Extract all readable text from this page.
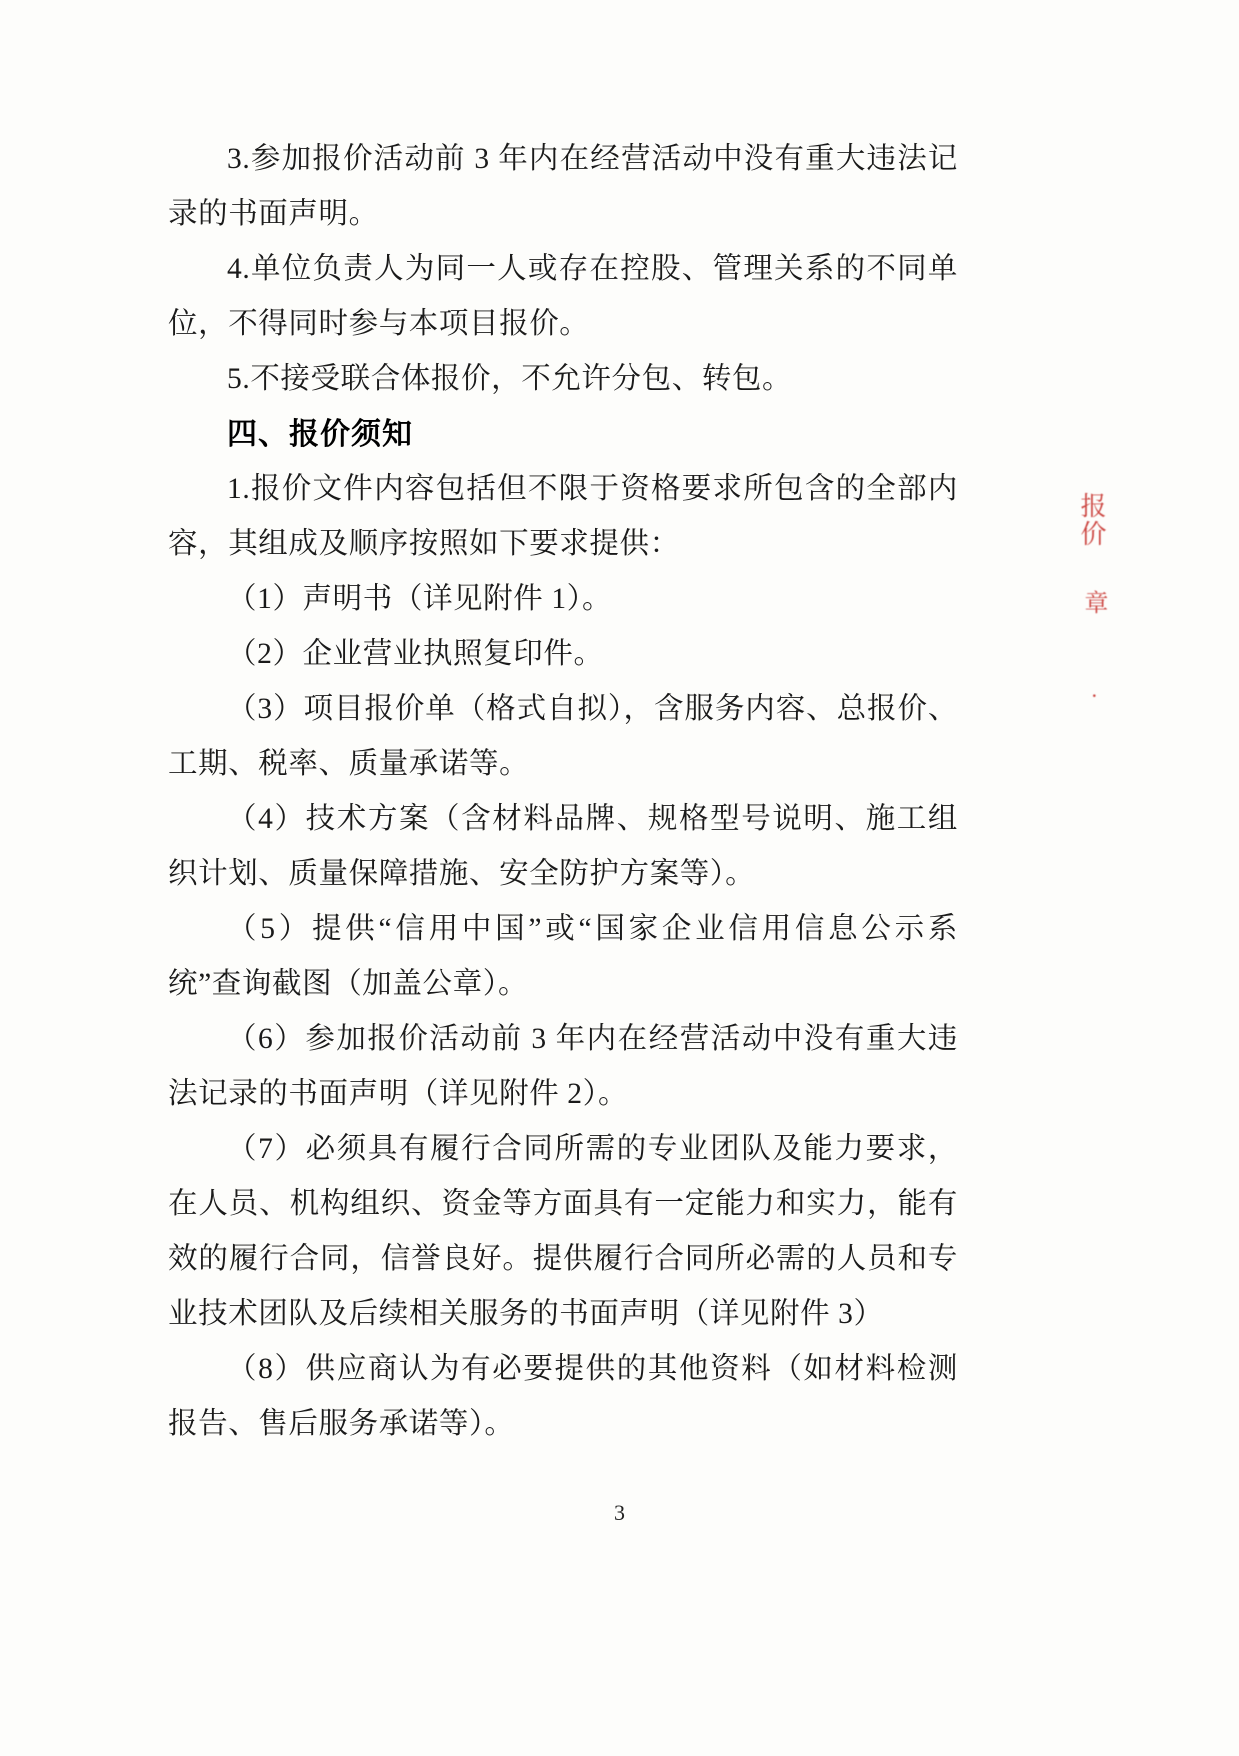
3.参加报价活动前 3 年内在经营活动中没有重大违法记录的书面声明。

4.单位负责人为同一人或存在控股、管理关系的不同单位，不得同时参与本项目报价。

5.不接受联合体报价，不允许分包、转包。

四、报价须知

1.报价文件内容包括但不限于资格要求所包含的全部内容，其组成及顺序按照如下要求提供：

（1）声明书（详见附件 1）。

（2）企业营业执照复印件。

（3）项目报价单（格式自拟），含服务内容、总报价、工期、税率、质量承诺等。

（4）技术方案（含材料品牌、规格型号说明、施工组织计划、质量保障措施、安全防护方案等）。

（5）提供“信用中国”或“国家企业信用信息公示系统”查询截图（加盖公章）。

（6）参加报价活动前 3 年内在经营活动中没有重大违法记录的书面声明（详见附件 2）。

（7）必须具有履行合同所需的专业团队及能力要求，在人员、机构组织、资金等方面具有一定能力和实力，能有效的履行合同，信誉良好。提供履行合同所必需的人员和专业技术团队及后续相关服务的书面声明（详见附件 3）

（8）供应商认为有必要提供的其他资料（如材料检测报告、售后服务承诺等）。

报价
章
·
3
